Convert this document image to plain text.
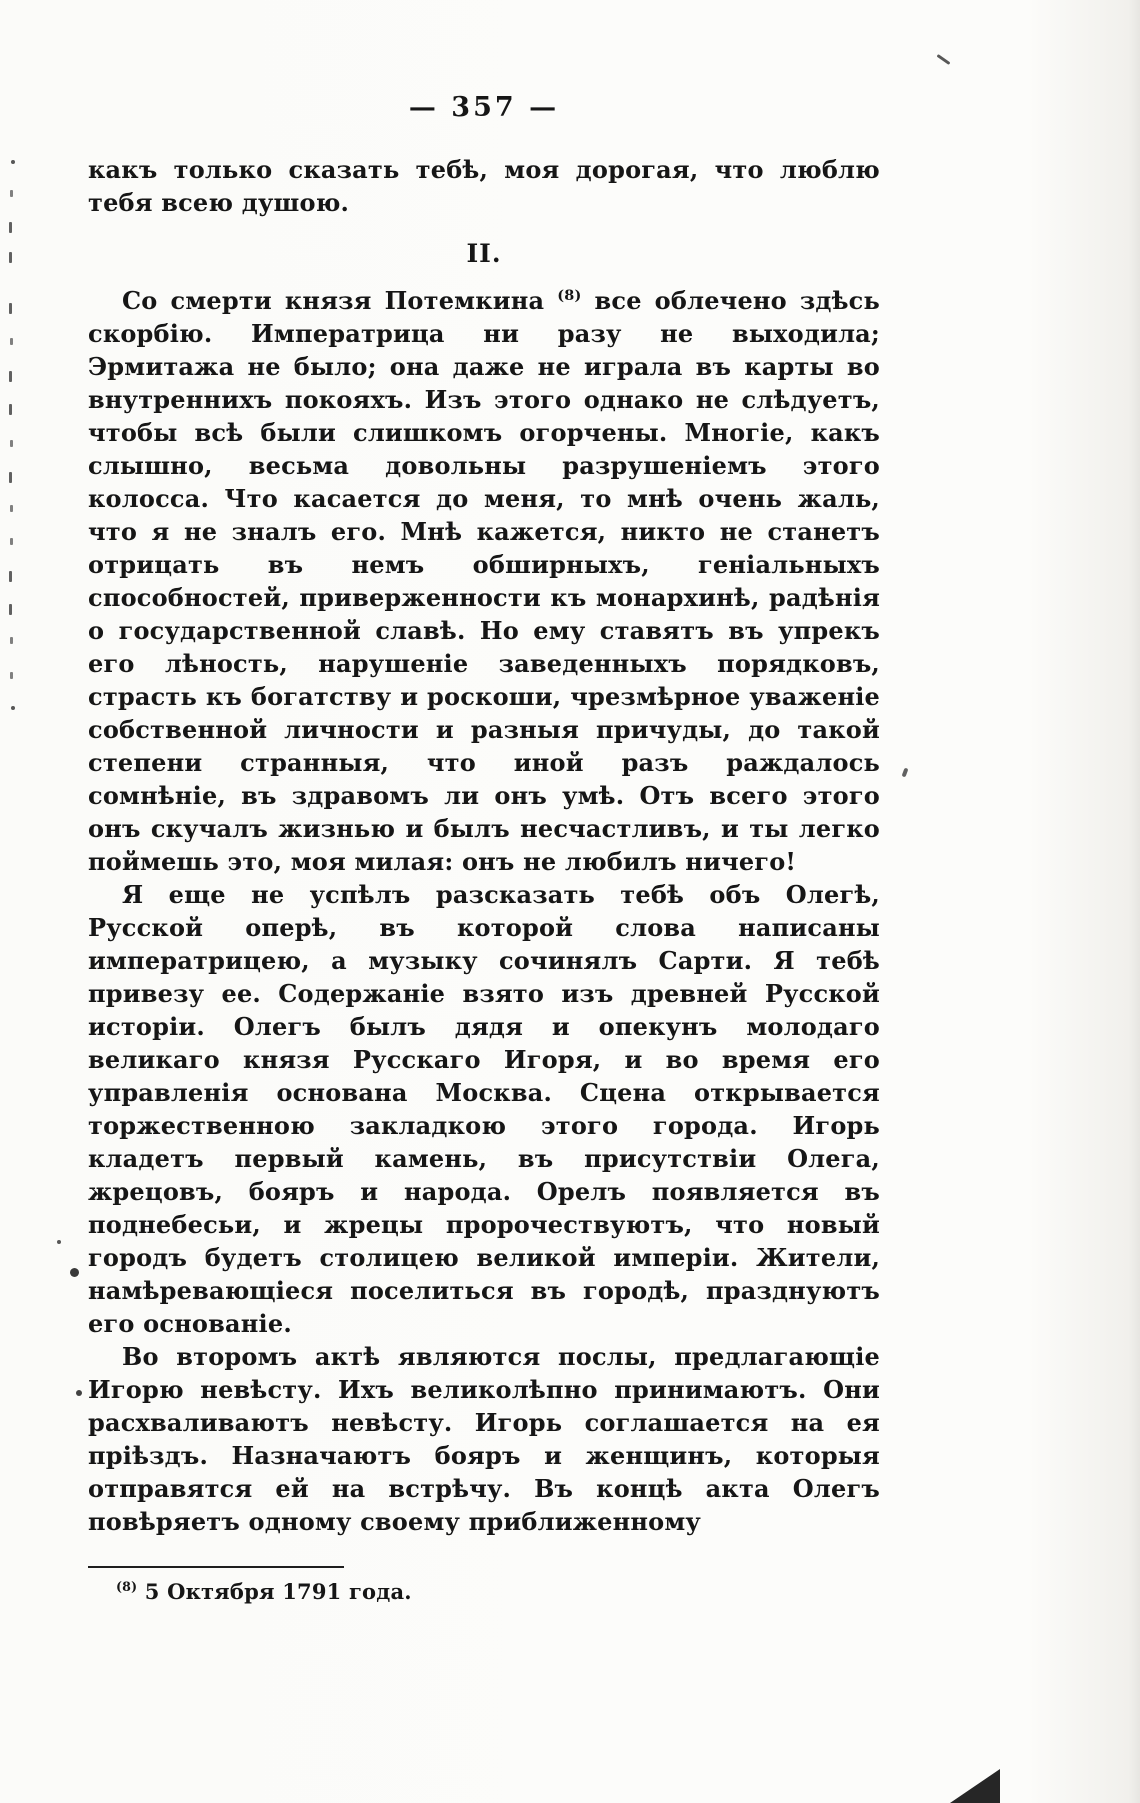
— 357 —

какъ только сказать тебѣ, моя дорогая, что люблю тебя всею душою.

II.

Со смерти князя Потемкина $^{(8)}$ все облечено здѣсь скорбію. Императрица ни разу не выходила; Эрмитажа не было; она даже не играла въ карты во внутреннихъ покояхъ. Изъ этого однако не слѣдуетъ, чтобы всѣ были слишкомъ огорчены. Многіе, какъ слышно, весьма довольны разрушеніемъ этого колосса. Что касается до меня, то мнѣ очень жаль, что я не зналъ его. Мнѣ кажется, никто не станетъ отрицать въ немъ обширныхъ, геніальныхъ способностей, приверженности къ монархинѣ, радѣнія о государственной славѣ. Но ему ставятъ въ упрекъ его лѣность, нарушеніе заведенныхъ порядковъ, страсть къ богатству и роскоши, чрезмѣрное уваженіе собственной личности и разныя причуды, до такой степени странныя, что иной разъ раждалось сомнѣніе, въ здравомъ ли онъ умѣ. Отъ всего этого онъ скучалъ жизнью и былъ несчастливъ, и ты легко поймешь это, моя милая: онъ не любилъ ничего!

Я еще не успѣлъ разсказать тебѣ объ Олегѣ, Русской оперѣ, въ которой слова написаны императрицею, а музыку сочинялъ Сарти. Я тебѣ привезу ее. Содержаніе взято изъ древней Русской исторіи. Олегъ былъ дядя и опекунъ молодаго великаго князя Русскаго Игоря, и во время его управленія основана Москва. Сцена открывается торжественною закладкою этого города. Игорь кладетъ первый камень, въ присутствіи Олега, жрецовъ, бояръ и народа. Орелъ появляется въ поднебесьи, и жрецы пророчествуютъ, что новый городъ будетъ столицею великой имперіи. Жители, намѣревающіеся поселиться въ городѣ, празднуютъ его основаніе.

Во второмъ актѣ являются послы, предлагающіе Игорю невѣсту. Ихъ великолѣпно принимаютъ. Они расхваливаютъ невѣсту. Игорь соглашается на ея пріѣздъ. Назначаютъ бояръ и женщинъ, которыя отправятся ей на встрѣчу. Въ концѣ акта Олегъ повѣряетъ одному своему приближенному

$^{(8)}$ 5 Октября 1791 года.
